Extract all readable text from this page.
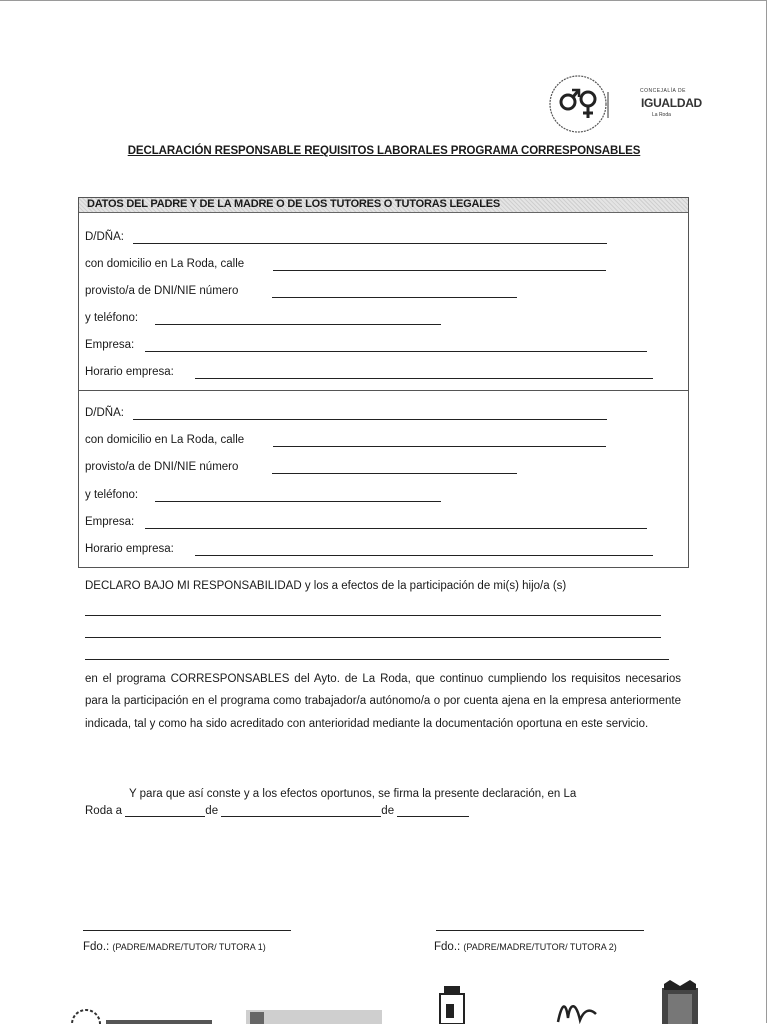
CONCEJALÍA DE
IGUALDAD
La Roda
DECLARACIÓN RESPONSABLE REQUISITOS LABORALES PROGRAMA CORRESPONSABLES
DATOS DEL PADRE Y DE LA MADRE O DE LOS TUTORES O TUTORAS LEGALES
D/DÑA:
con domicilio en La Roda, calle
provisto/a de DNI/NIE número
y teléfono:
Empresa:
Horario empresa:
D/DÑA:
con domicilio en La Roda, calle
provisto/a de DNI/NIE número
y teléfono:
Empresa:
Horario empresa:
DECLARO BAJO MI RESPONSABILIDAD y los a efectos de la participación de mi(s) hijo/a (s)
en el programa CORRESPONSABLES del Ayto. de La Roda, que continuo cumpliendo los requisitos necesarios para la participación en el programa como trabajador/a autónomo/a o por cuenta ajena en la empresa anteriormente indicada, tal y como ha sido acreditado con anterioridad mediante la documentación oportuna en este servicio.
Y para que así conste y a los efectos oportunos, se firma la presente declaración, en La
Roda a	de	de
Fdo.: (PADRE/MADRE/TUTOR/ TUTORA 1)	Fdo.: (PADRE/MADRE/TUTOR/ TUTORA 2)
